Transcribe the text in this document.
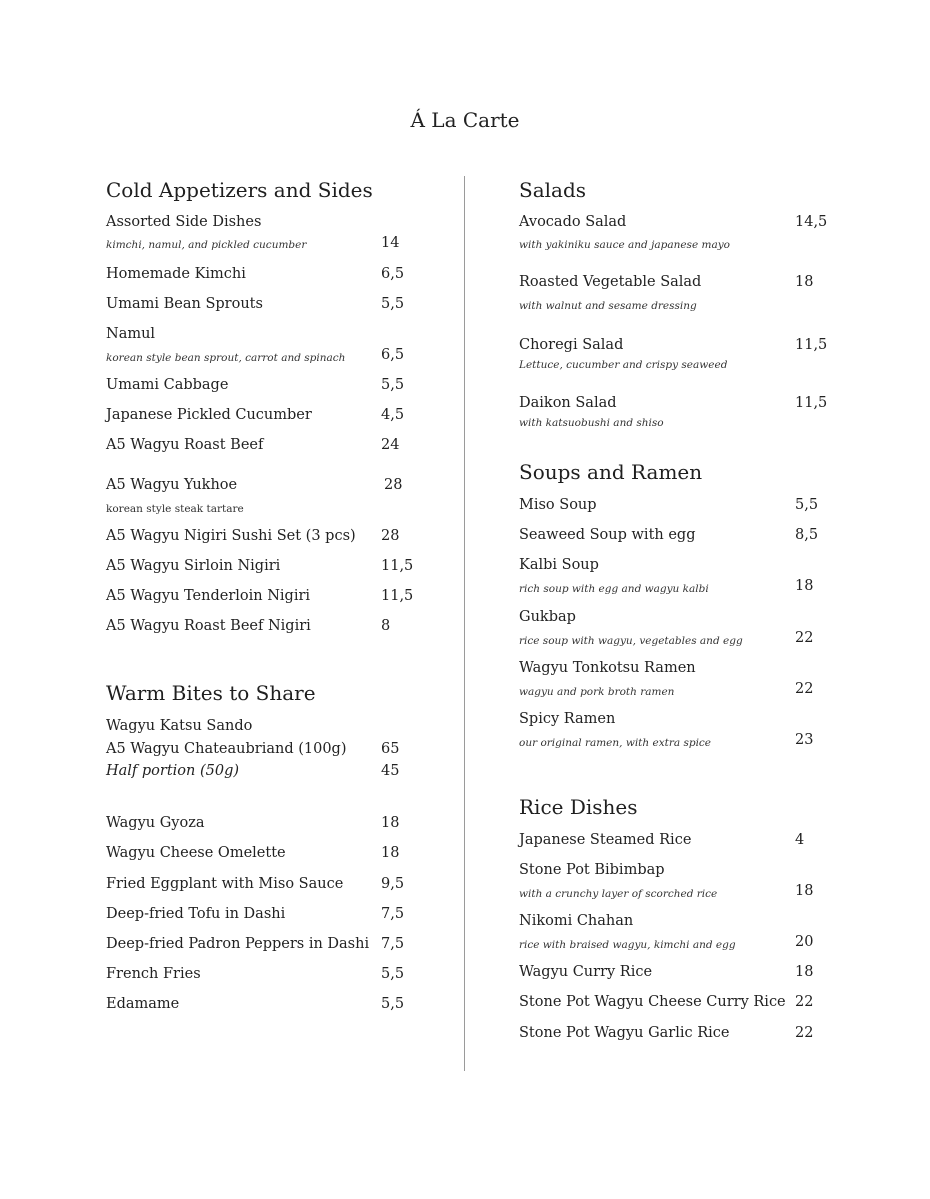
Á La Carte
Cold Appetizers and Sides
Assorted Side Dishes
kimchi, namul, and pickled cucumber	14
Homemade Kimchi	6,5
Umami Bean Sprouts	5,5
Namul
korean style bean sprout, carrot and spinach 6,5
Umami Cabbage	5,5
Japanese Pickled Cucumber	4,5
A5 Wagyu Roast Beef	24
A5 Wagyu Yukhoe
korean style steak tartare
28
A5 Wagyu Nigiri Sushi Set (3 pcs) 28
A5 Wagyu Sirloin Nigiri	11,5
A5 Wagyu Tenderloin Nigiri	11,5
A5 Wagyu Roast Beef Nigiri	8
Warm Bites to Share
Wagyu Katsu Sando
A5 Wagyu Chateaubriand (100g) 65
Half portion (50g)	45
Wagyu Gyoza	18
Wagyu Cheese Omelette	18
Fried Eggplant with Miso Sauce	9,5
Deep-fried Tofu in Dashi	7,5
Deep-fried Padron Peppers in Dashi 7,5
French Fries	5,5
Edamame	5,5
Salads
Avocado Salad
with yakiniku sauce and japanese mayo
14,5
Roasted Vegetable Salad
with walnut and sesame dressing
18
Choregi Salad
Lettuce, cucumber and crispy seaweed
11,5
Daikon Salad
with katsuobushi and shiso
11,5
Soups and Ramen
Miso Soup	5,5
Seaweed Soup with egg	8,5
Kalbi Soup
rich soup with egg and wagyu kalbi	18
Gukbap
rice soup with wagyu, vegetables and egg	22
Wagyu Tonkotsu Ramen
wagyu and pork broth ramen	22
Spicy Ramen
our original ramen, with extra spice	23
Rice Dishes
Japanese Steamed Rice	4
Stone Pot Bibimbap
with a crunchy layer of scorched rice	18
Nikomi Chahan
rice with braised wagyu, kimchi and egg	20
Wagyu Curry Rice	18
Stone Pot Wagyu Cheese Curry Rice 22
Stone Pot Wagyu Garlic Rice	22
